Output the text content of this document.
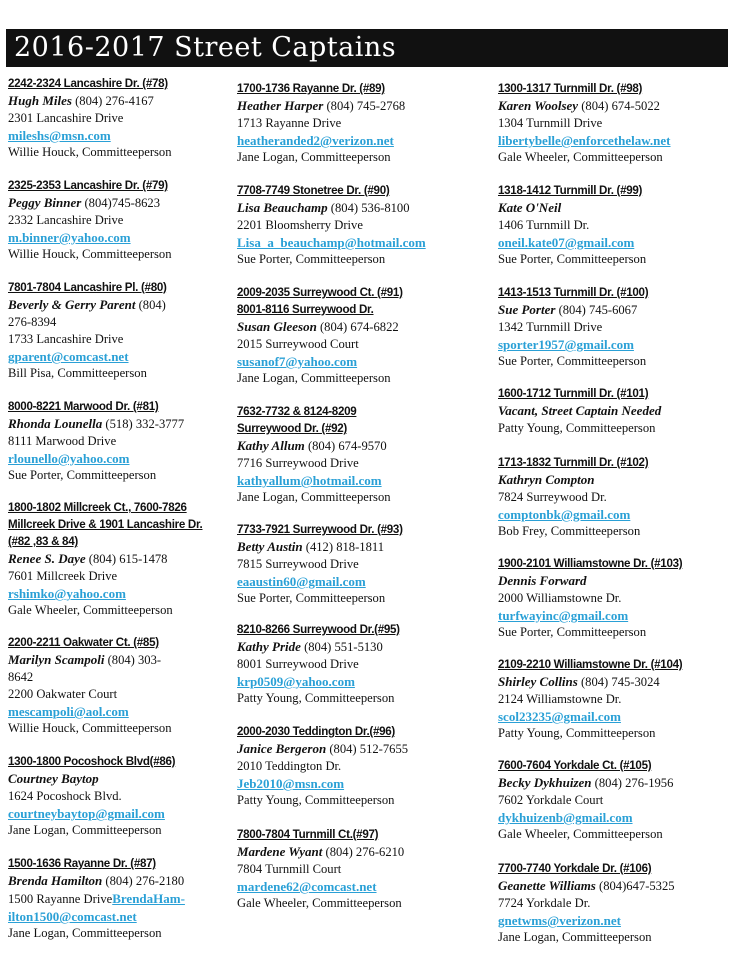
2016-2017 Street Captains
2242-2324 Lancashire Dr. (#78)
Hugh Miles (804) 276-4167
2301 Lancashire Drive
mileshs@msn.com
Willie Houck, Committeeperson
2325-2353 Lancashire Dr. (#79)
Peggy Binner (804)745-8623
2332 Lancashire Drive
m.binner@yahoo.com
Willie Houck, Committeeperson
7801-7804 Lancashire Pl. (#80)
Beverly & Gerry Parent (804)
276-8394
1733 Lancashire Drive
gparent@comcast.net
Bill Pisa, Committeeperson
8000-8221 Marwood Dr. (#81)
Rhonda Lounella (518) 332-3777
8111 Marwood Drive
rlounello@yahoo.com
Sue Porter, Committeeperson
1800-1802 Millcreek Ct., 7600-7826
Millcreek Drive & 1901 Lancashire Dr.
(#82 ,83 & 84)
Renee S. Daye (804) 615-1478
7601 Millcreek Drive
rshimko@yahoo.com
Gale Wheeler, Committeeperson
2200-2211 Oakwater Ct. (#85)
Marilyn Scampoli (804) 303-
8642
2200 Oakwater Court
mescampoli@aol.com
Willie Houck, Committeeperson
1300-1800 Pocoshock Blvd(#86)
Courtney Baytop
1624 Pocoshock Blvd.
courtneybaytop@gmail.com
Jane Logan, Committeeperson
1500-1636 Rayanne Dr. (#87)
Brenda Hamilton (804) 276-2180
1500 Rayanne DriveBrendaHam-
ilton1500@comcast.net
Jane Logan, Committeeperson
1700-1736 Rayanne Dr. (#89)
Heather Harper (804) 745-2768
1713 Rayanne Drive
heatheranded2@verizon.net
Jane Logan, Committeeperson
7708-7749 Stonetree Dr. (#90)
Lisa Beauchamp (804) 536-8100
2201 Bloomsherry Drive
Lisa_a_beauchamp@hotmail.com
Sue Porter, Committeeperson
2009-2035 Surreywood Ct. (#91)
8001-8116 Surreywood Dr.
Susan Gleeson (804) 674-6822
2015 Surreywood Court
susanof7@yahoo.com
Jane Logan, Committeeperson
7632-7732 & 8124-8209
Surreywood Dr. (#92)
Kathy Allum (804) 674-9570
7716 Surreywood Drive
kathyallum@hotmail.com
Jane Logan, Committeeperson
7733-7921 Surreywood Dr. (#93)
Betty Austin (412) 818-1811
7815 Surreywood Drive
eaaustin60@gmail.com
Sue Porter, Committeeperson
8210-8266 Surreywood Dr.(#95)
Kathy Pride (804) 551-5130
8001 Surreywood Drive
krp0509@yahoo.com
Patty Young, Committeeperson
2000-2030 Teddington Dr.(#96)
Janice Bergeron (804) 512-7655
2010 Teddington Dr.
Jeb2010@msn.com
Patty Young, Committeeperson
7800-7804 Turnmill Ct.(#97)
Mardene Wyant (804) 276-6210
7804 Turnmill Court
mardene62@comcast.net
Gale Wheeler, Committeeperson
1300-1317 Turnmill Dr. (#98)
Karen Woolsey (804) 674-5022
1304 Turnmill Drive
libertybelle@enforcethelaw.net
Gale Wheeler, Committeeperson
1318-1412 Turnmill Dr. (#99)
Kate O'Neil
1406 Turnmill Dr.
oneil.kate07@gmail.com
Sue Porter, Committeeperson
1413-1513 Turnmill Dr. (#100)
Sue Porter (804) 745-6067
1342 Turnmill Drive
sporter1957@gmail.com
Sue Porter, Committeeperson
1600-1712 Turnmill Dr. (#101)
Vacant, Street Captain Needed
Patty Young, Committeeperson
1713-1832 Turnmill Dr. (#102)
Kathryn Compton
7824 Surreywood Dr.
comptonbk@gmail.com
Bob Frey, Committeeperson
1900-2101 Williamstowne Dr. (#103)
Dennis Forward
2000 Williamstowne Dr.
turfwayinc@gmail.com
Sue Porter, Committeeperson
2109-2210 Williamstowne Dr. (#104)
Shirley Collins (804) 745-3024
2124 Williamstowne Dr.
scol23235@gmail.com
Patty Young, Committeeperson
7600-7604 Yorkdale Ct. (#105)
Becky Dykhuizen (804) 276-1956
7602 Yorkdale Court
dykhuizenb@gmail.com
Gale Wheeler, Committeeperson
7700-7740 Yorkdale Dr. (#106)
Geanette Williams (804)647-5325
7724 Yorkdale Dr.
gnetwms@verizon.net
Jane Logan, Committeeperson
